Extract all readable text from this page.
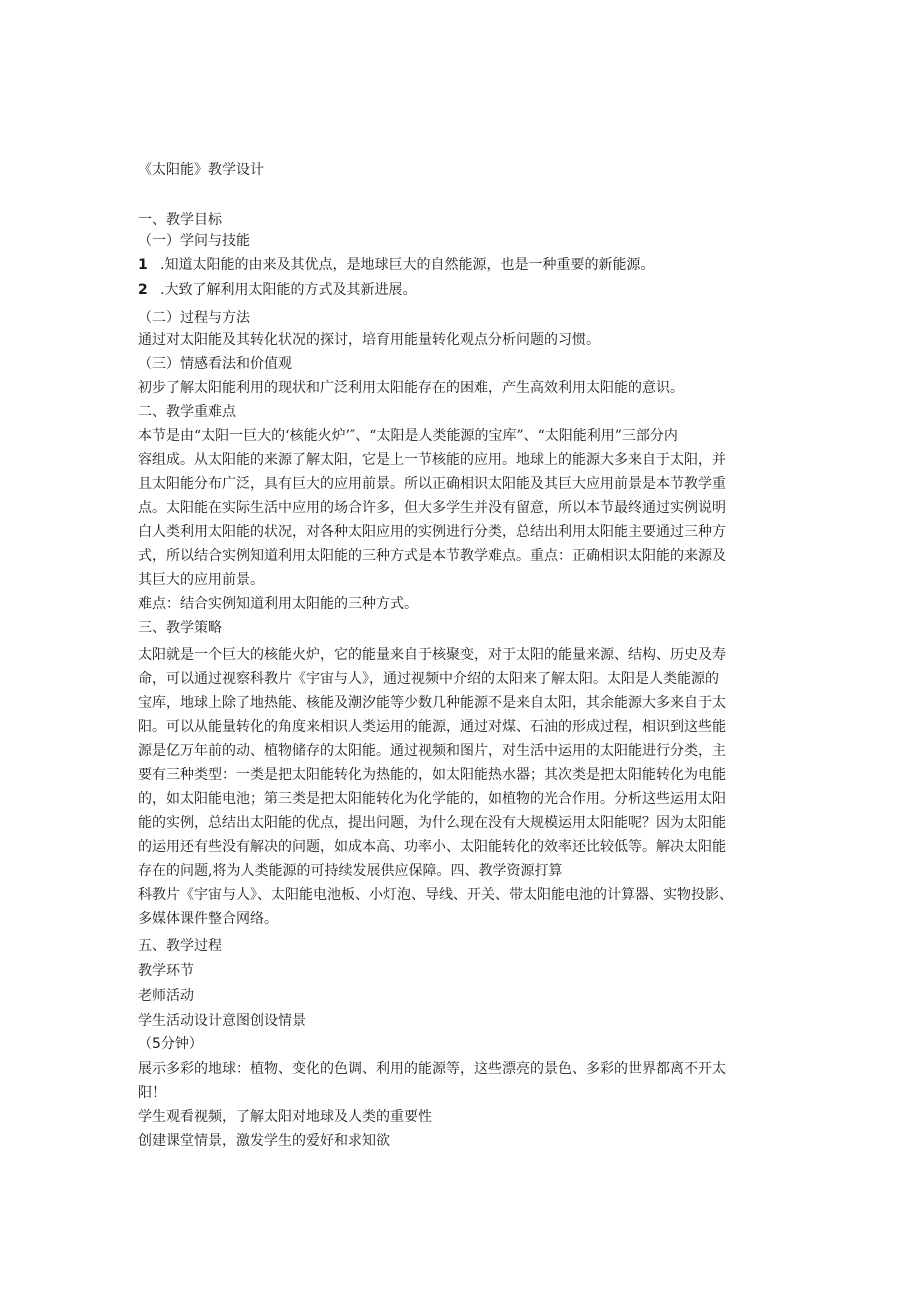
《太阳能》教学设计
一、教学目标
（一）学问与技能
1 .知道太阳能的由来及其优点，是地球巨大的自然能源，也是一种重要的新能源。
2 .大致了解利用太阳能的方式及其新进展。
（二）过程与方法
通过对太阳能及其转化状况的探讨，培育用能量转化观点分析问题的习惯。
（三）情感看法和价值观
初步了解太阳能利用的现状和广泛利用太阳能存在的困难，产生高效利用太阳能的意识。
二、教学重难点
本节是由“太阳一巨大的‘核能火炉’″、“太阳是人类能源的宝库”、“太阳能利用”三部分内
容组成。从太阳能的来源了解太阳，它是上一节核能的应用。地球上的能源大多来自于太阳，并
且太阳能分布广泛，具有巨大的应用前景。所以正确相识太阳能及其巨大应用前景是本节教学重
点。太阳能在实际生活中应用的场合许多，但大多学生并没有留意，所以本节最终通过实例说明
白人类利用太阳能的状况，对各种太阳应用的实例进行分类，总结出利用太阳能主要通过三种方
式，所以结合实例知道利用太阳能的三种方式是本节教学难点。重点：正确相识太阳能的来源及
其巨大的应用前景。
难点：结合实例知道利用太阳能的三种方式。
三、教学策略
太阳就是一个巨大的核能火炉，它的能量来自于核聚变，对于太阳的能量来源、结构、历史及寿
命，可以通过视察科教片《宇宙与人》，通过视频中介绍的太阳来了解太阳。太阳是人类能源的
宝库，地球上除了地热能、核能及潮汐能等少数几种能源不是来自太阳，其余能源大多来自于太
阳。可以从能量转化的角度来相识人类运用的能源，通过对煤、石油的形成过程，相识到这些能
源是亿万年前的动、植物储存的太阳能。通过视频和图片，对生活中运用的太阳能进行分类，主
要有三种类型：一类是把太阳能转化为热能的，如太阳能热水器；其次类是把太阳能转化为电能
的，如太阳能电池；第三类是把太阳能转化为化学能的，如植物的光合作用。分析这些运用太阳
能的实例，总结出太阳能的优点，提出问题，为什么现在没有大规模运用太阳能呢？因为太阳能
的运用还有些没有解决的问题，如成本高、功率小、太阳能转化的效率还比较低等。解决太阳能
存在的问题,将为人类能源的可持续发展供应保障。四、教学资源打算
科教片《宇宙与人》、太阳能电池板、小灯泡、导线、开关、带太阳能电池的计算器、实物投影、
多媒体课件整合网络。
五、教学过程
教学环节
老师活动
学生活动设计意图创设情景
（5分钟）
展示多彩的地球：植物、变化的色调、利用的能源等，这些漂亮的景色、多彩的世界都离不开太
阳！
学生观看视频，了解太阳对地球及人类的重要性
创建课堂情景，激发学生的爱好和求知欲
